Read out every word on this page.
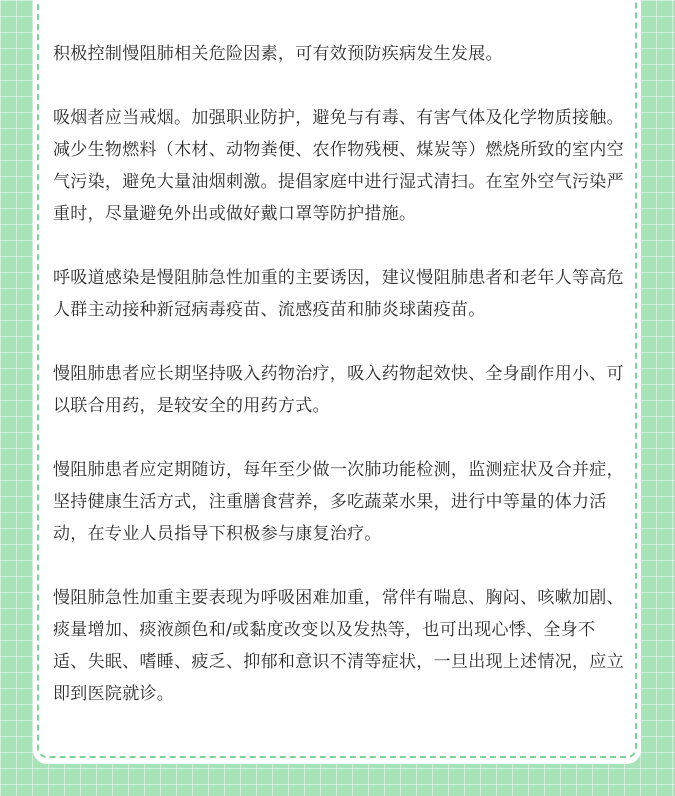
积极控制慢阻肺相关危险因素，可有效预防疾病发生发展。

吸烟者应当戒烟。加强职业防护，避免与有毒、有害气体及化学物质接触。减少生物燃料（木材、动物粪便、农作物残梗、煤炭等）燃烧所致的室内空气污染，避免大量油烟刺激。提倡家庭中进行湿式清扫。在室外空气污染严重时，尽量避免外出或做好戴口罩等防护措施。

呼吸道感染是慢阻肺急性加重的主要诱因，建议慢阻肺患者和老年人等高危人群主动接种新冠病毒疫苗、流感疫苗和肺炎球菌疫苗。

慢阻肺患者应长期坚持吸入药物治疗，吸入药物起效快、全身副作用小、可以联合用药，是较安全的用药方式。

慢阻肺患者应定期随访，每年至少做一次肺功能检测，监测症状及合并症，坚持健康生活方式，注重膳食营养，多吃蔬菜水果，进行中等量的体力活动，在专业人员指导下积极参与康复治疗。

慢阻肺急性加重主要表现为呼吸困难加重，常伴有喘息、胸闷、咳嗽加剧、痰量增加、痰液颜色和/或黏度改变以及发热等，也可出现心悸、全身不适、失眠、嗜睡、疲乏、抑郁和意识不清等症状，一旦出现上述情况，应立即到医院就诊。
